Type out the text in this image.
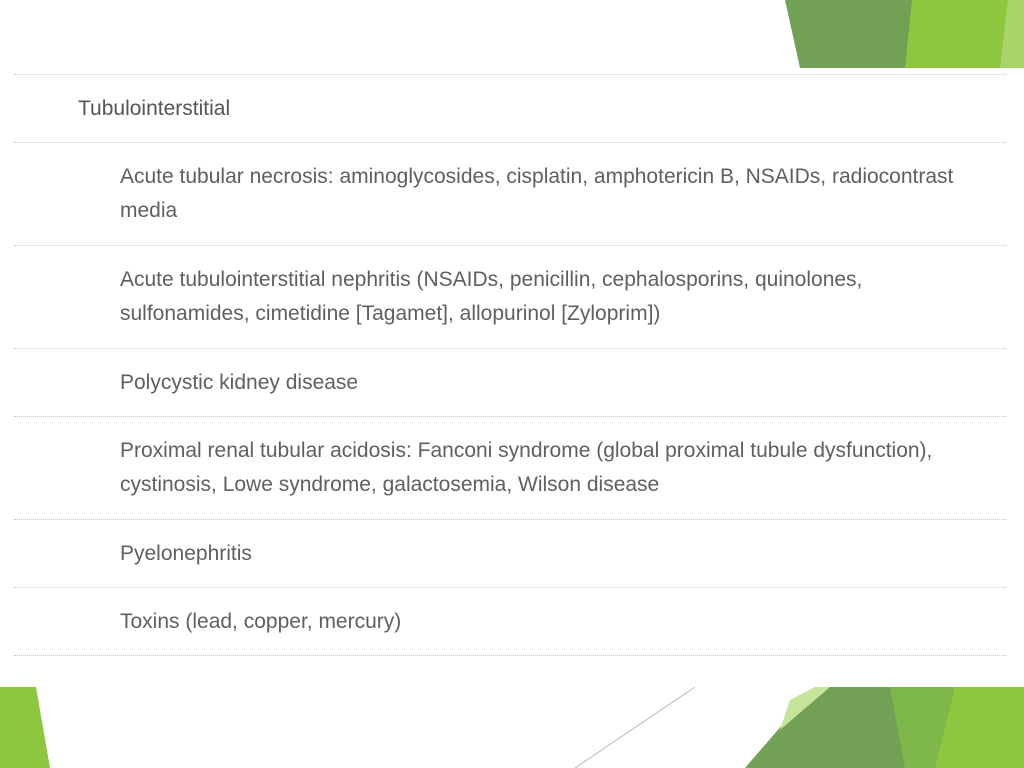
Tubulointerstitial
Acute tubular necrosis: aminoglycosides, cisplatin, amphotericin B, NSAIDs, radiocontrast media
Acute tubulointerstitial nephritis (NSAIDs, penicillin, cephalosporins, quinolones, sulfonamides, cimetidine [Tagamet], allopurinol [Zyloprim])
Polycystic kidney disease
Proximal renal tubular acidosis: Fanconi syndrome (global proximal tubule dysfunction), cystinosis, Lowe syndrome, galactosemia, Wilson disease
Pyelonephritis
Toxins (lead, copper, mercury)
